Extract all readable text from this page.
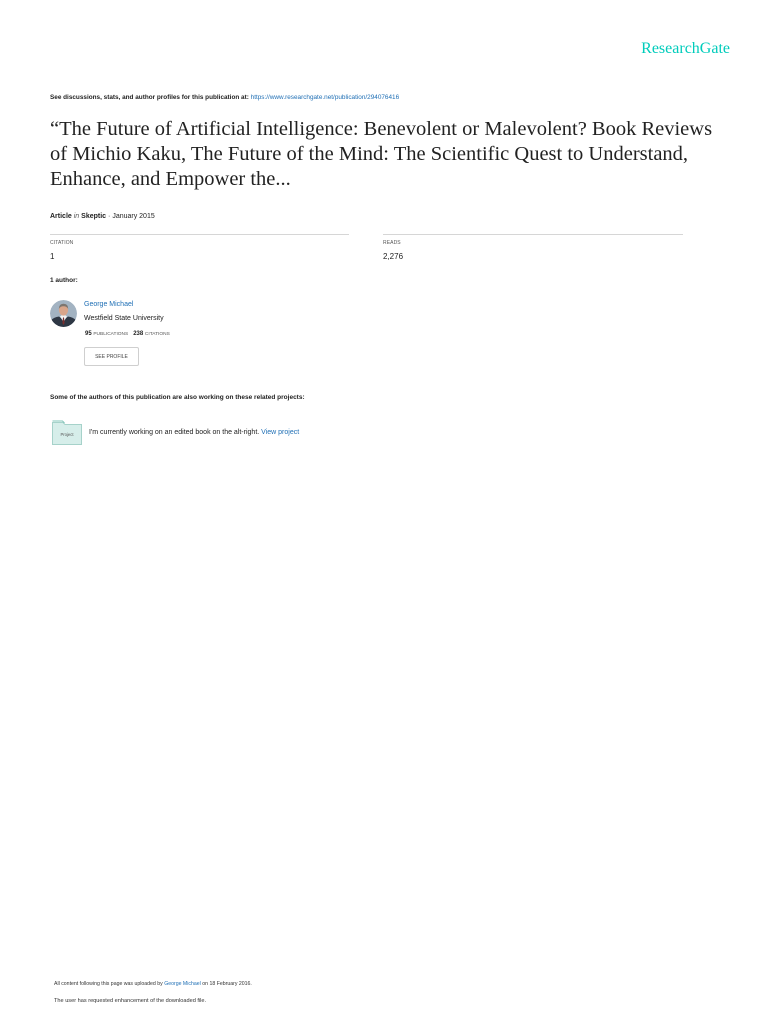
ResearchGate
See discussions, stats, and author profiles for this publication at: https://www.researchgate.net/publication/294076416
“The Future of Artificial Intelligence: Benevolent or Malevolent? Book Reviews of Michio Kaku, The Future of the Mind: The Scientific Quest to Understand, Enhance, and Empower the...
Article in Skeptic · January 2015
CITATION
1
READS
2,276
1 author:
George Michael
Westfield State University
95 PUBLICATIONS 238 CITATIONS
SEE PROFILE
Some of the authors of this publication are also working on these related projects:
Project	I'm currently working on an edited book on the alt-right. View project
All content following this page was uploaded by George Michael on 18 February 2016.
The user has requested enhancement of the downloaded file.
